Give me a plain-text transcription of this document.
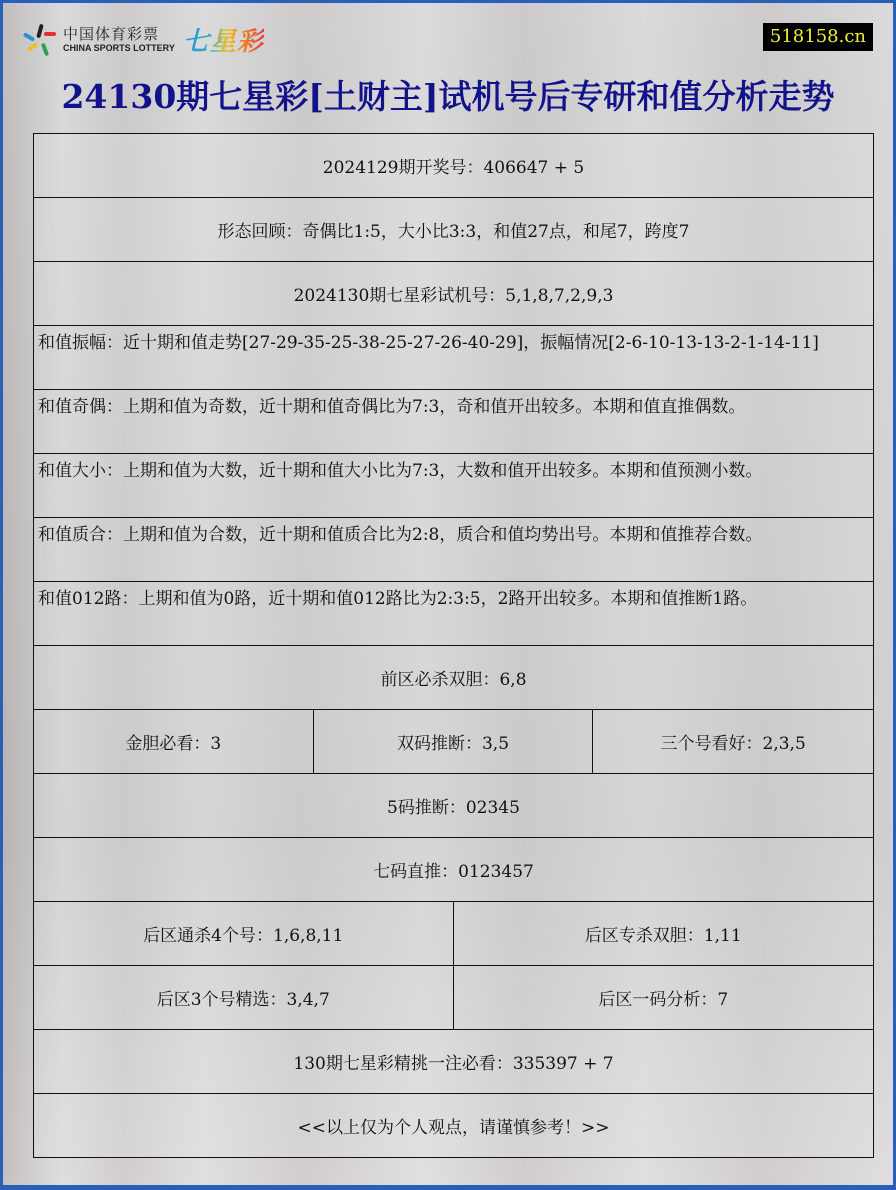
中国体育彩票
CHINA SPORTS LOTTERY 七星彩	518158.cn
24130期七星彩[土财主]试机号后专研和值分析走势
2024129期开奖号：406647 + 5			
形态回顾：奇偶比1:5，大小比3:3，和值27点，和尾7，跨度7			
2024130期七星彩试机号：5,1,8,7,2,9,3			
和值振幅：近十期和值走势[27-29-35-25-38-25-27-26-40-29]，振幅情况[2-6-10-13-13-2-1-14-11]			
和值奇偶：上期和值为奇数，近十期和值奇偶比为7:3，奇和值开出较多。本期和值直推偶数。			
和值大小：上期和值为大数，近十期和值大小比为7:3，大数和值开出较多。本期和值预测小数。			
和值质合：上期和值为合数，近十期和值质合比为2:8，质合和值均势出号。本期和值推荐合数。			
和值012路：上期和值为0路，近十期和值012路比为2:3:5，2路开出较多。本期和值推断1路。			
前区必杀双胆：6,8			
金胆必看：3	双码推断：3,5		三个号看好：2,3,5
5码推断：02345			
七码直推：0123457			
后区通杀4个号：1,6,8,11		后区专杀双胆：1,11	
后区3个号精选：3,4,7		后区一码分析：7	
130期七星彩精挑一注必看：335397 + 7			
<<以上仅为个人观点，请谨慎参考！>>			
